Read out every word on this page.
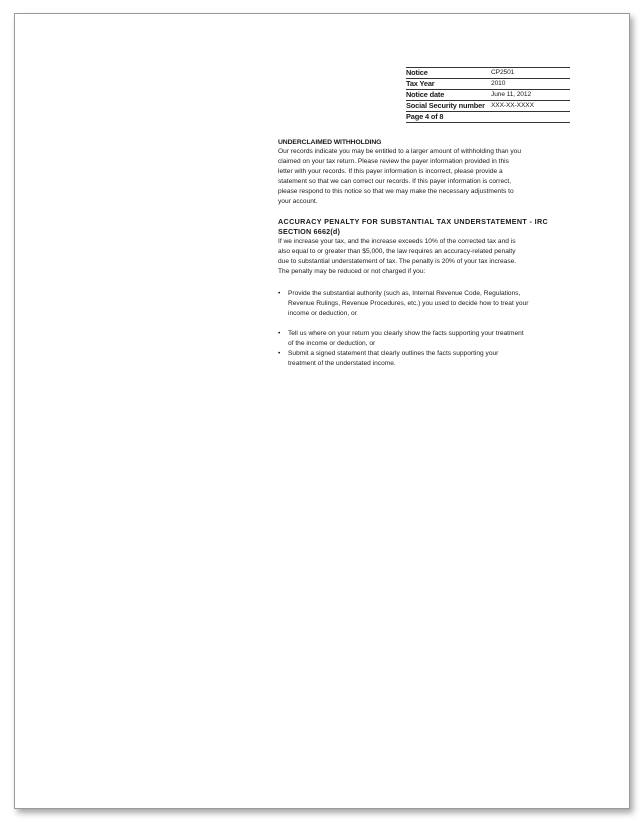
Notice	CP2501
Tax Year	2010
Notice date	June 11, 2012
Social Security number	XXX-XX-XXXX
Page 4 of 8	

UNDERCLAIMED WITHHOLDING

Our records indicate you may be entitled to a larger amount of withholding than you
claimed on your tax return. Please review the payer information provided in this
letter with your records. If this payer information is incorrect, please provide a
statement so that we can correct our records. If this payer information is correct,
please respond to this notice so that we may make the necessary adjustments to
your account.

ACCURACY PENALTY FOR SUBSTANTIAL TAX UNDERSTATEMENT - IRC

SECTION 6662(d)

If we increase your tax, and the increase exceeds 10% of the corrected tax and is
also equal to or greater than $5,000, the law requires an accuracy-related penalty
due to substantial understatement of tax. The penalty is 20% of your tax increase.
The penalty may be reduced or not charged if you:

• Provide the substantial authority (such as, Internal Revenue Code, Regulations,
Revenue Rulings, Revenue Procedures, etc.) you used to decide how to treat your
income or deduction, or
• Tell us where on your return you clearly show the facts supporting your treatment
of the income or deduction, or
• Submit a signed statement that clearly outlines the facts supporting your
treatment of the understated income.
